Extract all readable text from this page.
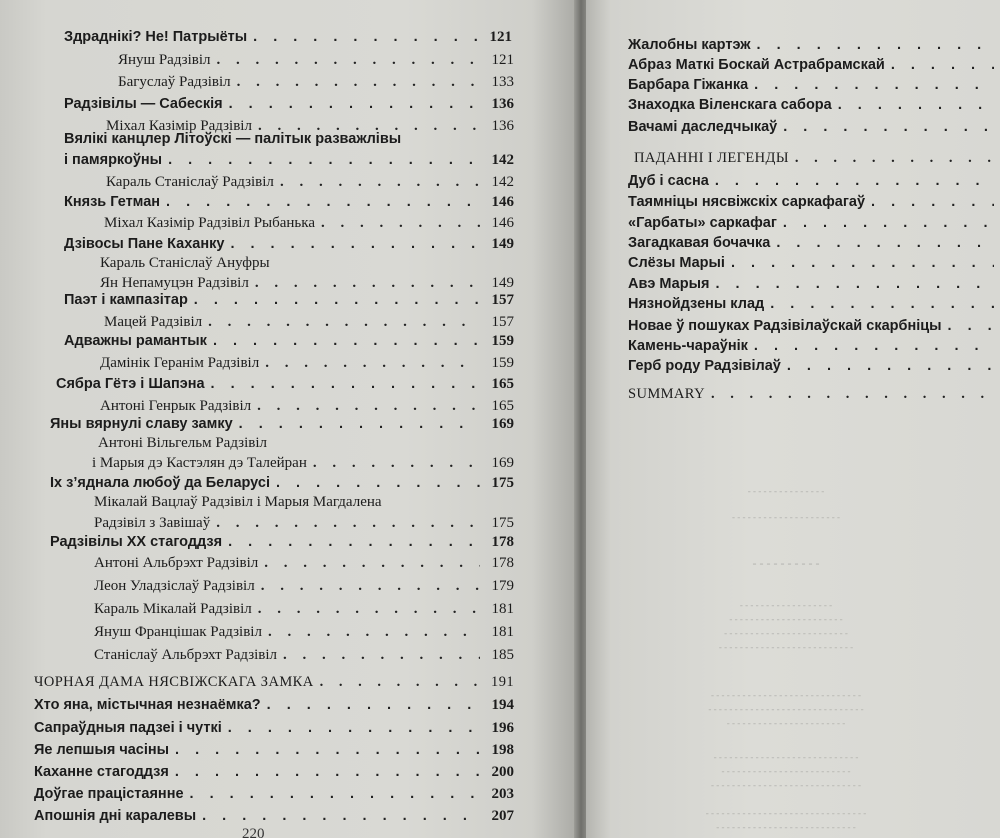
Здраднікі? Не! Патрыёты . . .	121
Януш Радзівіл . . .	121
Багуслаў Радзівіл . . .	133
Радзівілы — Сабескія . . .	136
Міхал Казімір Радзівіл . . .	136
Вялікі канцлер Літоўскі — палітык разважлівы
і памяркоўны . . .	142
Караль Станіслаў Радзівіл . . .	142
Князь Гетман . . .	146
Міхал Казімір Радзівіл Рыбанька . . .	146
Дзівосы Пане Каханку . . .	149
Караль Станіслаў Ануфры
Ян Непамуцэн Радзівіл . . .	149
Паэт і кампазітар . . .	157
Мацей Радзівіл . . .	157
Адважны рамантык . . .	159
Дамінік Геранім Радзівіл . . .	159
Сябра Гётэ і Шапэна . . .	165
Антоні Генрык Радзівіл . . .	165
Яны вярнулі славу замку . . .	169
Антоні Вільгельм Радзівіл
і Марыя дэ Кастэлян дэ Талейран . . .	169
Іх з’яднала любоў да Беларусі . . .	175
Мікалай Вацлаў Радзівіл і Марыя Магдалена
Радзівіл з Завішаў . . .	175
Радзівілы XX стагоддзя . . .	178
Антоні Альбрэхт Радзівіл . . .	178
Леон Уладзіслаў Радзівіл . . .	179
Караль Мікалай Радзівіл . . .	181
Януш Францішак Радзівіл . . .	181
Станіслаў Альбрэхт Радзівіл . . .	185
ЧОРНАЯ ДАМА НЯСВІЖСКАГА ЗАМКА . . .	191
Хто яна, містычная незнаёмка? . . .	194
Сапраўдныя падзеі і чуткі . . .	196
Яе лепшыя часіны . . .	198
Каханне стагоддзя . . .	200
Доўгае працістаянне . . .	203
Апошнія дні каралевы . . .	207
220
Жалобны картэж
. . .
Абраз Маткі Боскай Астрабрамскай
. . .
Барбара Гіжанка
. . .
Знаходка Віленскага сабора
. . .
Вачамі даследчыкаў
. . .
ПАДАННІ І ЛЕГЕНДЫ
. . .
Дуб і сасна
. . .
Таямніцы нясвіжскіх саркафагаў
. . .
«Гарбаты» саркафаг
. . .
Загадкавая бочачка
. . .
Слёзы Марыі
. . .
Авэ Марыя
. . .
Нязнойдзены клад
. . .
Новае ў пошуках Радзівілаўскай скарбніцы
. . .
Камень-чараўнік
. . .
Герб роду Радзівілаў
. . .
SUMMARY
. . .
- - - - - - - - - - - - - - -
- - - - - - - - - - - - - - - - - - - - -
- - - - - - - - - -
- - - - - - - - - - - - - - - - - -
- - - - - - - - - - - - - - - - - - - - - -
- - - - - - - - - - - - - - - - - - - - - - - -
- - - - - - - - - - - - - - - - - - - - - - - - - -
- - - - - - - - - - - - - - - - - - - - - - - - - - - - -
- - - - - - - - - - - - - - - - - - - - - - - - - - - - - -
- - - - - - - - - - - - - - - - - - - - - - -
- - - - - - - - - - - - - - - - - - - - - - - - - - - -
- - - - - - - - - - - - - - - - - - - - - - - - -
- - - - - - - - - - - - - - - - - - - - - - - - - - - - -
- - - - - - - - - - - - - - - - - - - - - - - - - - - - - - -
- - - - - - - - - - - - - - - - - - - - - - - - - - -
